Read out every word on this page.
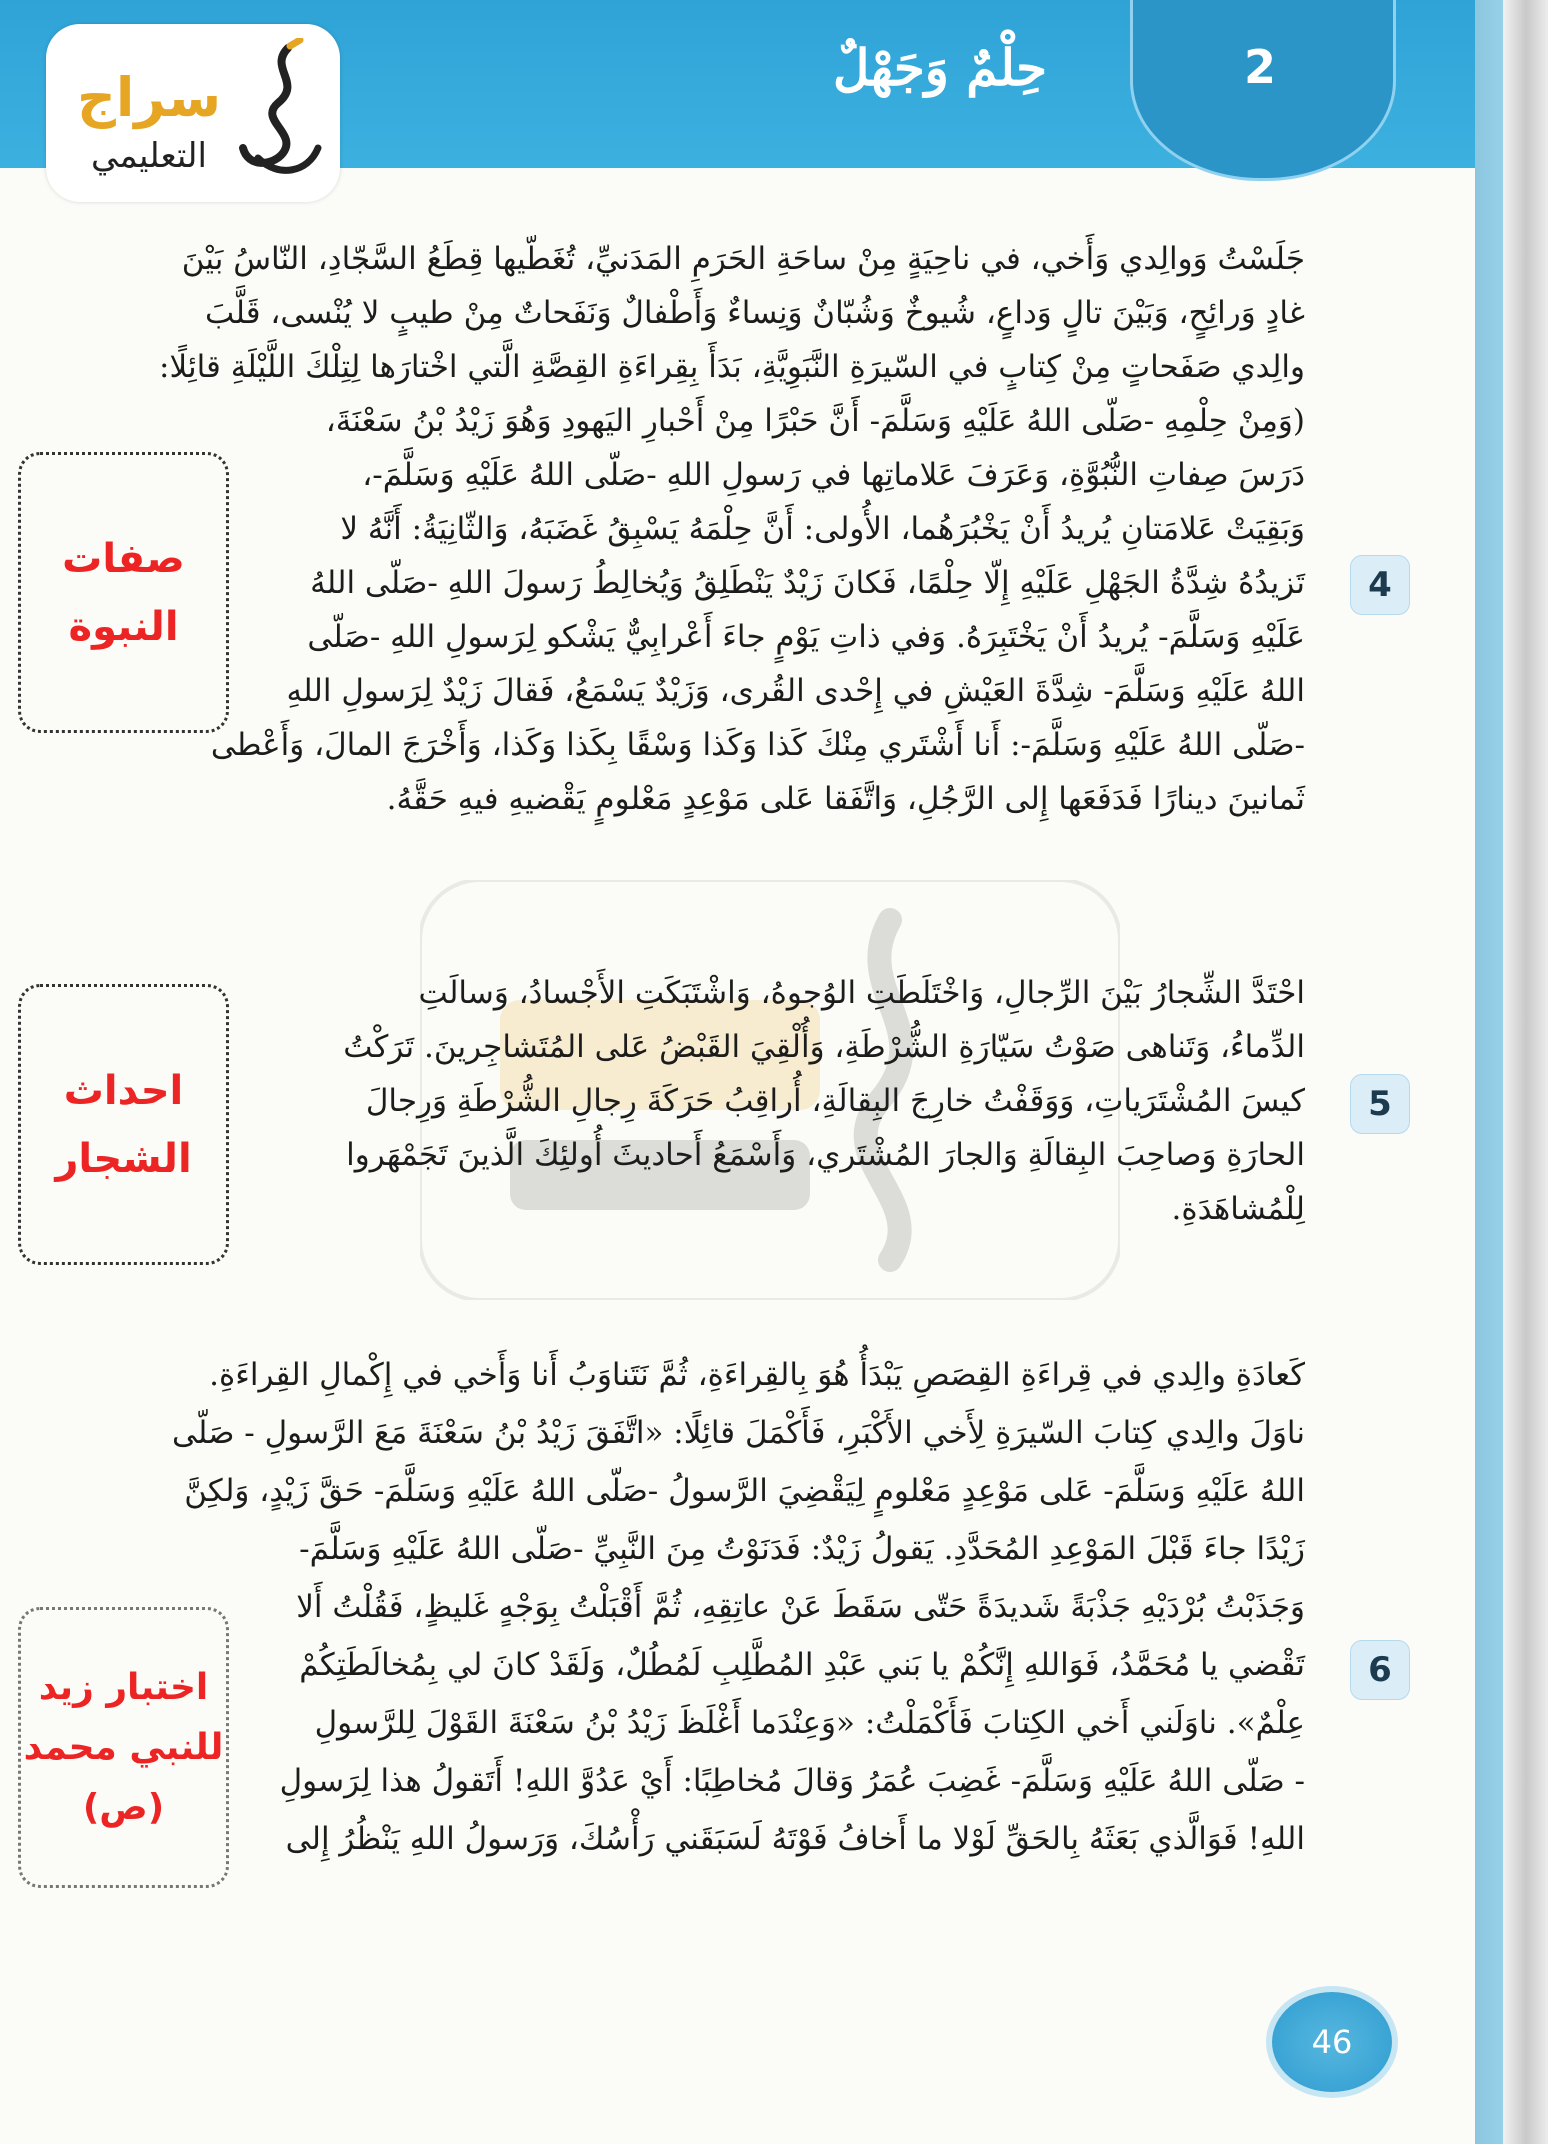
2
حِلْمٌ وَجَهْلٌ
سراج
التعليمي
4
5
6

جَلَسْتُ وَوالِدي وَأَخي، في ناحِيَةٍ مِنْ ساحَةِ الحَرَمِ المَدَنيِّ، تُغَطّيها قِطَعُ السَّجّادِ، النّاسُ بَيْنَ

غادٍ وَرائِحٍ، وَبَيْنَ تالٍ وَداعٍ، شُيوخٌ وَشُبّانٌ وَنِساءٌ وَأَطْفالٌ وَنَفَحاتٌ مِنْ طيبٍ لا يُنْسى، قَلَّبَ

والِدي صَفَحاتٍ مِنْ كِتابٍ في السّيرَةِ النَّبَوِيَّةِ، بَدَأَ بِقِراءَةِ القِصَّةِ الَّتي اخْتارَها لِتِلْكَ اللَّيْلَةِ قائِلًا:

(وَمِنْ حِلْمِهِ -صَلّى اللهُ عَلَيْهِ وَسَلَّمَ- أَنَّ حَبْرًا مِنْ أَحْبارِ اليَهودِ وَهُوَ زَيْدُ بْنُ سَعْنَةَ،

دَرَسَ صِفاتِ النُّبُوَّةِ، وَعَرَفَ عَلاماتِها في رَسولِ اللهِ -صَلّى اللهُ عَلَيْهِ وَسَلَّمَ-،

وَبَقِيَتْ عَلامَتانِ يُريدُ أَنْ يَخْبُرَهُما، الأُولى: أَنَّ حِلْمَهُ يَسْبِقُ غَضَبَهُ، وَالثّانِيَةُ: أَنَّهُ لا

تَزيدُهُ شِدَّةُ الجَهْلِ عَلَيْهِ إِلّا حِلْمًا، فَكانَ زَيْدٌ يَنْطَلِقُ وَيُخالِطُ رَسولَ اللهِ -صَلّى اللهُ

عَلَيْهِ وَسَلَّمَ- يُريدُ أَنْ يَخْتَبِرَهُ. وَفي ذاتِ يَوْمٍ جاءَ أَعْرابِيٌّ يَشْكو لِرَسولِ اللهِ -صَلّى

اللهُ عَلَيْهِ وَسَلَّمَ- شِدَّةَ العَيْشِ في إِحْدى القُرى، وَزَيْدٌ يَسْمَعُ، فَقالَ زَيْدٌ لِرَسولِ اللهِ

-صَلّى اللهُ عَلَيْهِ وَسَلَّمَ-: أَنا أَشْتَري مِنْكَ كَذا وَكَذا وَسْقًا بِكَذا وَكَذا، وَأَخْرَجَ المالَ، وَأَعْطى

ثَمانينَ دينارًا فَدَفَعَها إِلى الرَّجُلِ، وَاتَّفَقا عَلى مَوْعِدٍ مَعْلومٍ يَقْضيهِ فيهِ حَقَّهُ.

احْتَدَّ الشِّجارُ بَيْنَ الرِّجالِ، وَاخْتَلَطَتِ الوُجوهُ، وَاشْتَبَكَتِ الأَجْسادُ، وَسالَتِ

الدِّماءُ، وَتَناهى صَوْتُ سَيّارَةِ الشُّرْطَةِ، وَأُلْقِيَ القَبْضُ عَلى المُتَشاجِرينَ. تَرَكْتُ

كيسَ المُشْتَرَياتِ، وَوَقَفْتُ خارِجَ البِقالَةِ، أُراقِبُ حَرَكَةَ رِجالِ الشُّرْطَةِ وَرِجالَ

الحارَةِ وَصاحِبَ البِقالَةِ وَالجارَ المُشْتَري، وَأَسْمَعُ أَحاديثَ أُولئِكَ الَّذينَ تَجَمْهَروا

لِلْمُشاهَدَةِ.

كَعادَةِ والِدي في قِراءَةِ القِصَصِ يَبْدَأُ هُوَ بِالقِراءَةِ، ثُمَّ نَتَناوَبُ أَنا وَأَخي في إِكْمالِ القِراءَةِ.

ناوَلَ والِدي كِتابَ السّيرَةِ لِأَخي الأَكْبَرِ، فَأَكْمَلَ قائِلًا: «اتَّفَقَ زَيْدُ بْنُ سَعْنَةَ مَعَ الرَّسولِ - صَلّى

اللهُ عَلَيْهِ وَسَلَّمَ- عَلى مَوْعِدٍ مَعْلومٍ لِيَقْضِيَ الرَّسولُ -صَلّى اللهُ عَلَيْهِ وَسَلَّمَ- حَقَّ زَيْدٍ، وَلكِنَّ

زَيْدًا جاءَ قَبْلَ المَوْعِدِ المُحَدَّدِ. يَقولُ زَيْدٌ: فَدَنَوْتُ مِنَ النَّبِيِّ -صَلّى اللهُ عَلَيْهِ وَسَلَّمَ-

وَجَذَبْتُ بُرْدَيْهِ جَذْبَةً شَديدَةً حَتّى سَقَطَ عَنْ عاتِقِهِ، ثُمَّ أَقْبَلْتُ بِوَجْهٍ غَليظٍ، فَقُلْتُ أَلا

تَقْضي يا مُحَمَّدُ، فَوَاللهِ إِنَّكُمْ يا بَني عَبْدِ المُطَّلِبِ لَمُطُلٌ، وَلَقَدْ كانَ لي بِمُخالَطَتِكُمْ

عِلْمٌ». ناوَلَني أَخي الكِتابَ فَأَكْمَلْتُ: «وَعِنْدَما أَغْلَظَ زَيْدُ بْنُ سَعْنَةَ القَوْلَ لِلرَّسولِ

- صَلّى اللهُ عَلَيْهِ وَسَلَّمَ- غَضِبَ عُمَرُ وَقالَ مُخاطِبًا: أَيْ عَدُوَّ اللهِ! أَتَقولُ هذا لِرَسولِ

اللهِ! فَوَالَّذي بَعَثَهُ بِالحَقِّ لَوْلا ما أَخافُ فَوْتَهُ لَسَبَقَني رَأْسُكَ، وَرَسولُ اللهِ يَنْظُرُ إِلى

صفات النبوة
احداث الشجار
اختبار زيد
للنبي محمد
(ص)
46
